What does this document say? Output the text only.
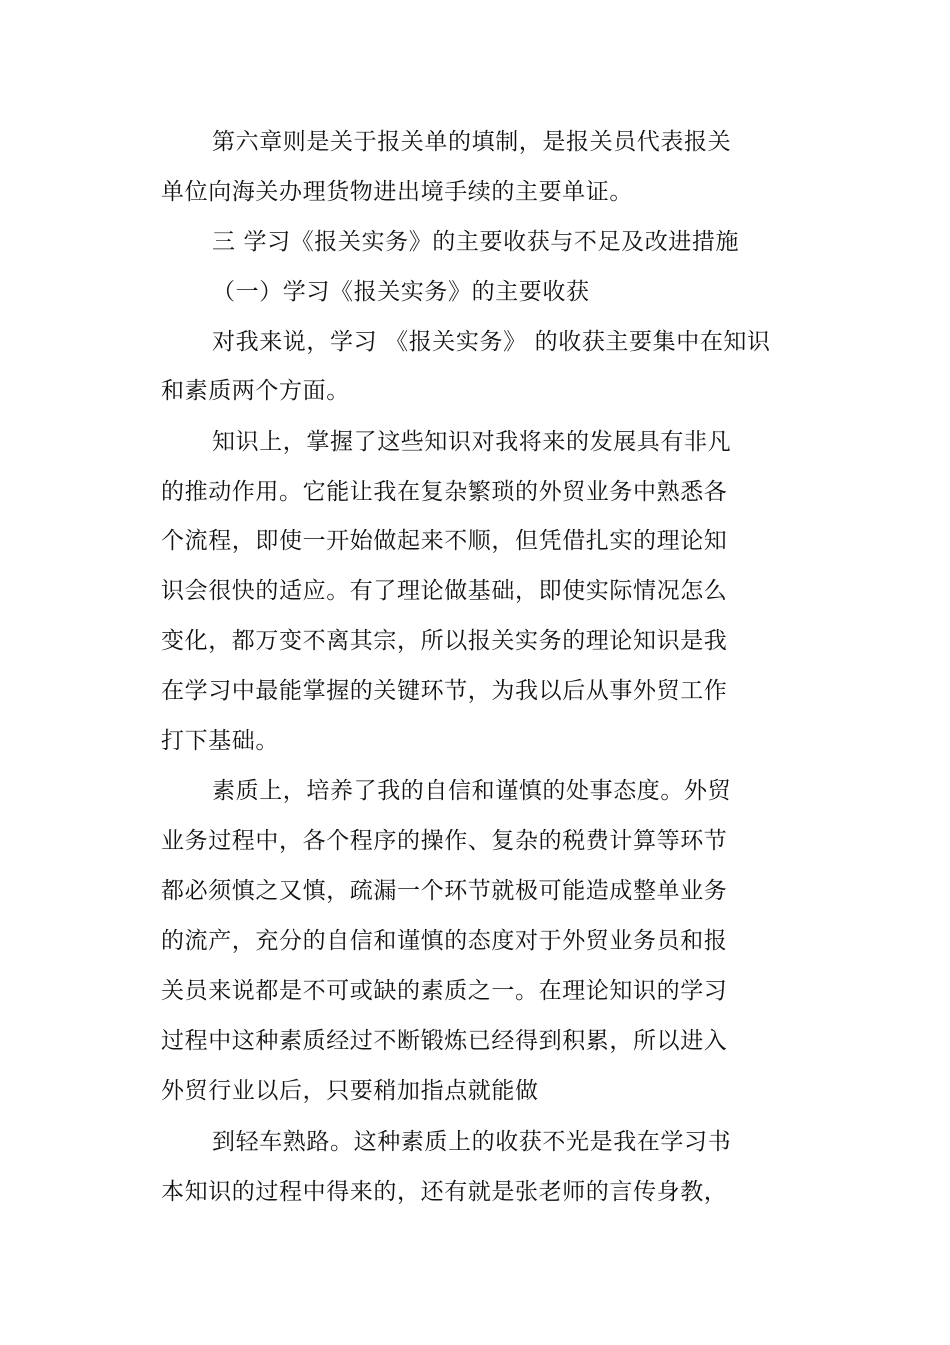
第六章则是关于报关单的填制，是报关员代表报关
单位向海关办理货物进出境手续的主要单证。
三 学习《报关实务》的主要收获与不足及改进措施
（一）学习《报关实务》的主要收获
对我来说，学习 《报关实务》 的收获主要集中在知识
和素质两个方面。
知识上，掌握了这些知识对我将来的发展具有非凡
的推动作用。它能让我在复杂繁琐的外贸业务中熟悉各
个流程，即使一开始做起来不顺，但凭借扎实的理论知
识会很快的适应。有了理论做基础，即使实际情况怎么
变化，都万变不离其宗，所以报关实务的理论知识是我
在学习中最能掌握的关键环节，为我以后从事外贸工作
打下基础。
素质上，培养了我的自信和谨慎的处事态度。外贸
业务过程中，各个程序的操作、复杂的税费计算等环节
都必须慎之又慎，疏漏一个环节就极可能造成整单业务
的流产，充分的自信和谨慎的态度对于外贸业务员和报
关员来说都是不可或缺的素质之一。在理论知识的学习
过程中这种素质经过不断锻炼已经得到积累，所以进入
外贸行业以后，只要稍加指点就能做
到轻车熟路。这种素质上的收获不光是我在学习书
本知识的过程中得来的，还有就是张老师的言传身教，
